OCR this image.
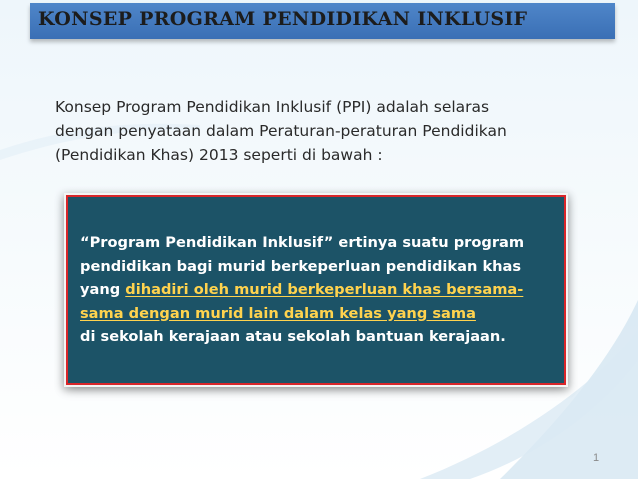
KONSEP PROGRAM PENDIDIKAN INKLUSIF
Konsep Program Pendidikan Inklusif (PPI) adalah selaras
dengan penyataan dalam Peraturan-peraturan Pendidikan
(Pendidikan Khas) 2013 seperti di bawah :
“Program Pendidikan Inklusif” ertinya suatu program
pendidikan bagi murid berkeperluan pendidikan khas
yang dihadiri oleh murid berkeperluan khas bersama-
sama dengan murid lain dalam kelas yang sama
di sekolah kerajaan atau sekolah bantuan kerajaan.
1
